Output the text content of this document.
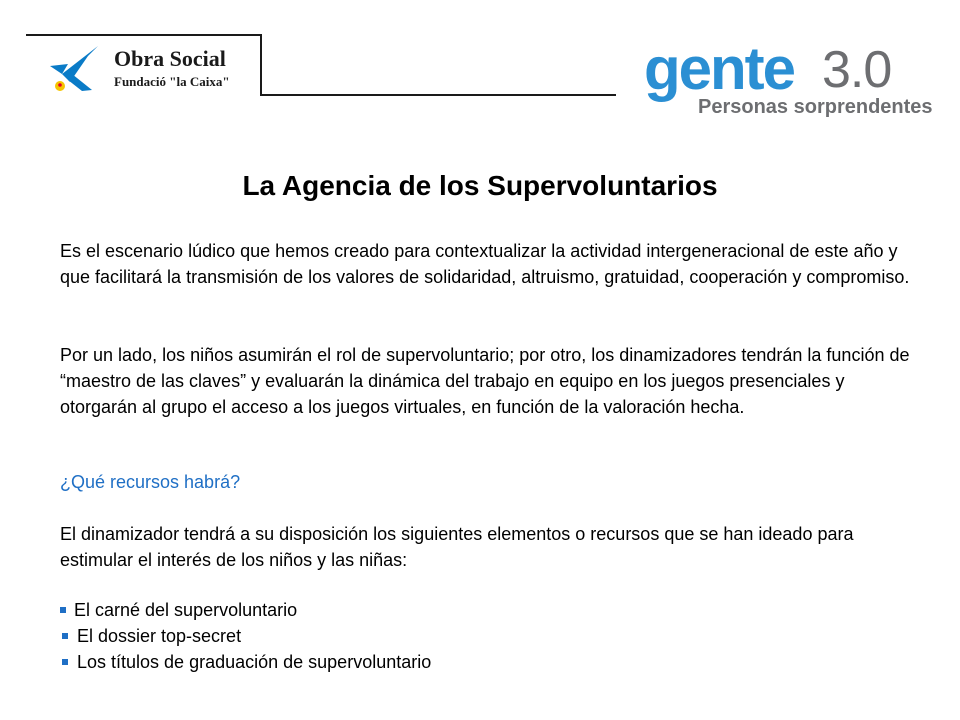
Obra Social
Fundació "la Caixa"	gente 3.0
Personas sorprendentes
La Agencia de los Supervoluntarios

Es el escenario lúdico que hemos creado para contextualizar la actividad intergeneracional de este año y que facilitará la transmisión de los valores de solidaridad, altruismo, gratuidad, cooperación y compromiso.

Por un lado, los niños asumirán el rol de supervoluntario; por otro, los dinamizadores tendrán la función de “maestro de las claves” y evaluarán la dinámica del trabajo en equipo en los juegos presenciales y otorgarán al grupo el acceso a los juegos virtuales, en función de la valoración hecha.

¿Qué recursos habrá?

El dinamizador tendrá a su disposición los siguientes elementos o recursos que se han ideado para estimular el interés de los niños y las niñas:

El carné del supervoluntario
El dossier top-secret
Los títulos de graduación de supervoluntario
